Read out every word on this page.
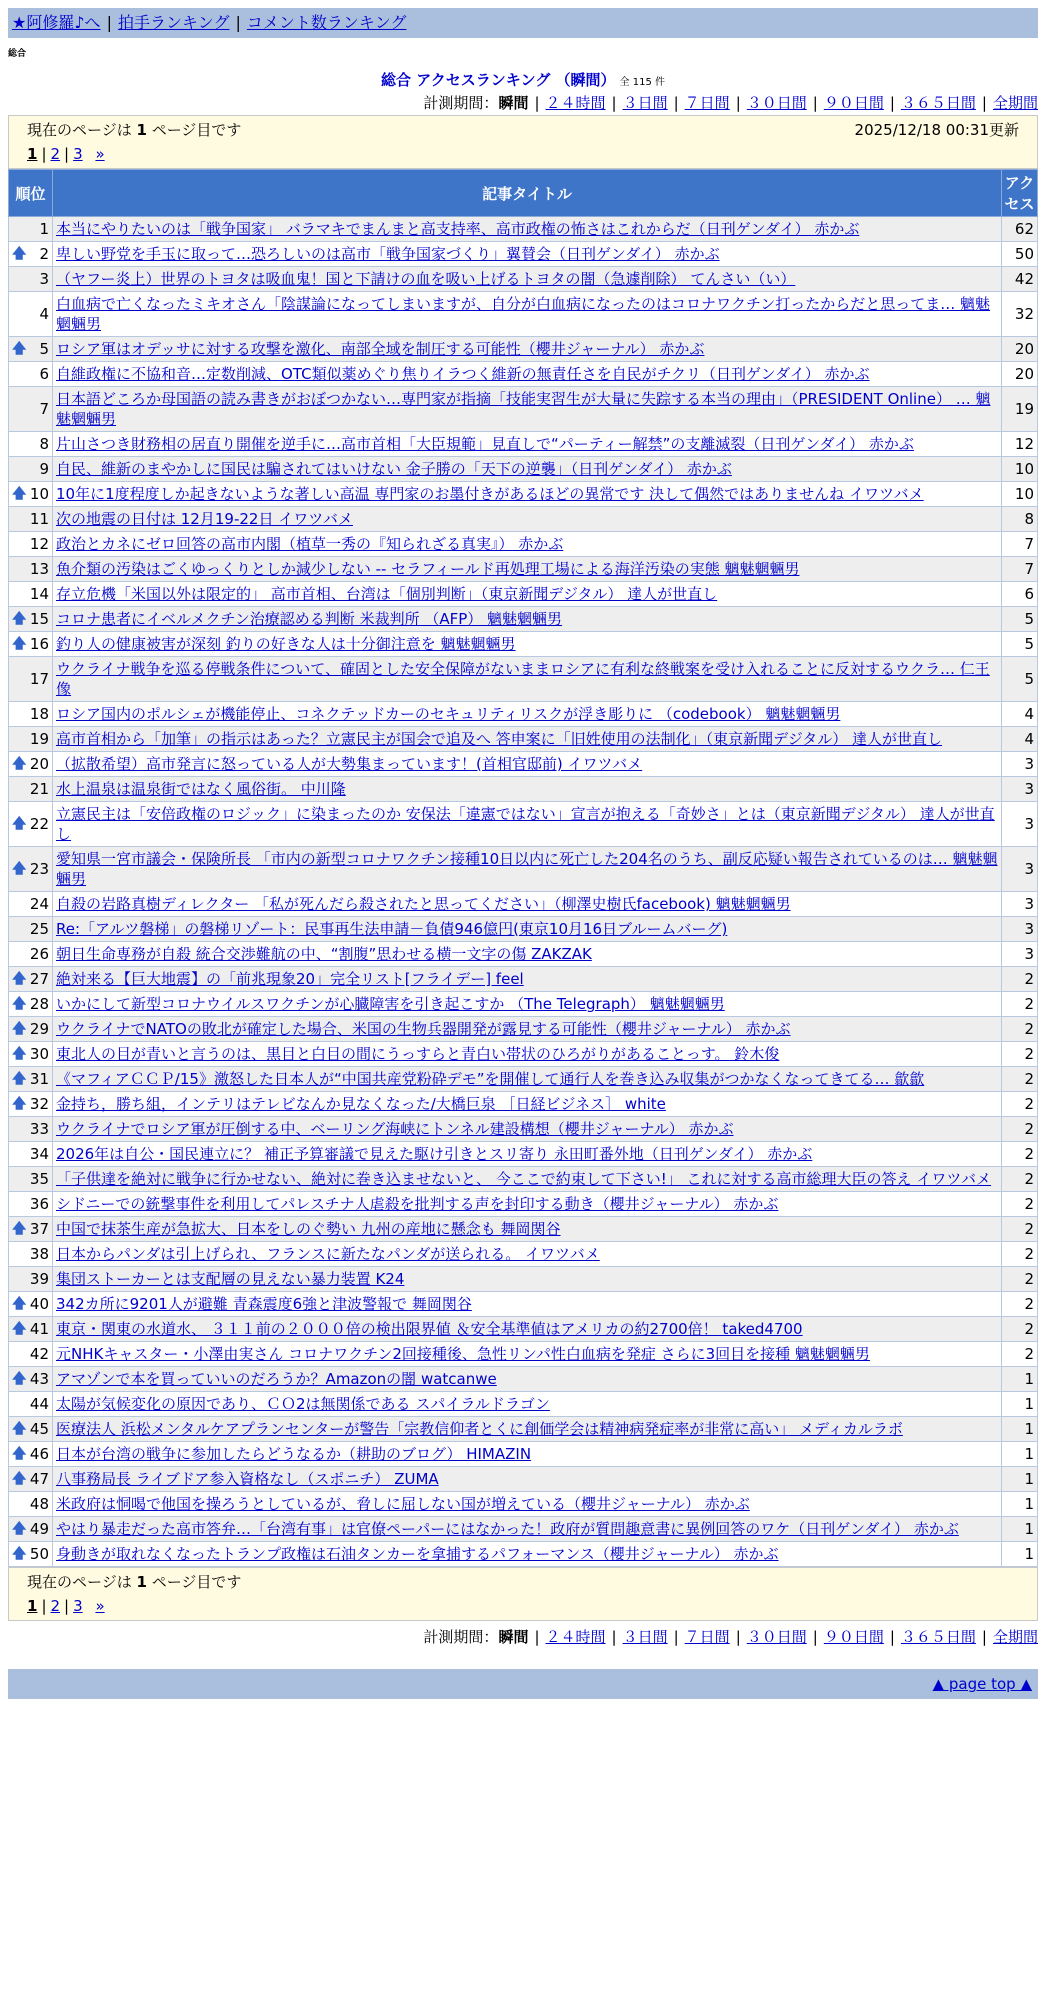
★阿修羅♪へ | 拍手ランキング | コメント数ランキング
総合
総合 アクセスランキング （瞬間） 全 115 件
計測期間：瞬間 | ２４時間 | ３日間 | ７日間 | ３０日間 | ９０日間 | ３６５日間 | 全期間
現在のページは 1 ページ目です	2025/12/18 00:31更新
1 | 2 | 3 »
順位	記事タイトル	アクセス
1	本当にやりたいのは「戦争国家」 バラマキでまんまと高支持率、高市政権の怖さはこれからだ（日刊ゲンダイ） 赤かぶ	62

🡅 2	卑しい野党を手玉に取って…恐ろしいのは高市「戦争国家づくり」翼賛会（日刊ゲンダイ） 赤かぶ	50
3	（ヤフー炎上）世界のトヨタは吸血鬼！国と下請けの血を吸い上げるトヨタの闇（急遽削除） てんさい（い）	42
4	白血病で亡くなったミキオさん「陰謀論になってしまいますが、自分が白血病になったのはコロナワクチン打ったからだと思ってま… 魑魅魍魎男	32

🡅 5	ロシア軍はオデッサに対する攻撃を激化、南部全域を制圧する可能性（櫻井ジャーナル） 赤かぶ	20
6	自維政権に不協和音…定数削減、OTC類似薬めぐり焦りイラつく維新の無責任さを自民がチクリ（日刊ゲンダイ） 赤かぶ	20
7	日本語どころか母国語の読み書きがおぼつかない…専門家が指摘「技能実習生が大量に失踪する本当の理由」（PRESIDENT Online） … 魑魅魍魎男	19
8	片山さつき財務相の居直り開催を逆手に…高市首相「大臣規範」見直しで“パーティー解禁”の支離滅裂（日刊ゲンダイ） 赤かぶ	12
9	自民、維新のまやかしに国民は騙されてはいけない 金子勝の「天下の逆襲」（日刊ゲンダイ） 赤かぶ	10

🡅 10	10年に1度程度しか起きないような著しい高温 専門家のお墨付きがあるほどの異常です 決して偶然ではありませんね イワツバメ	10
11	次の地震の日付は 12月19-22日 イワツバメ	8
12	政治とカネにゼロ回答の高市内閣（植草一秀の『知られざる真実』） 赤かぶ	7
13	魚介類の汚染はごくゆっくりとしか減少しない -- セラフィールド再処理工場による海洋汚染の実態 魑魅魍魎男	7
14	存立危機「米国以外は限定的」 高市首相、台湾は「個別判断」（東京新聞デジタル） 達人が世直し	6

🡅 15	コロナ患者にイベルメクチン治療認める判断 米裁判所 （AFP） 魑魅魍魎男	5

🡅 16	釣り人の健康被害が深刻 釣りの好きな人は十分御注意を 魑魅魍魎男	5
17	ウクライナ戦争を巡る停戦条件について、確固とした安全保障がないままロシアに有利な終戦案を受け入れることに反対するウクラ… 仁王像	5
18	ロシア国内のポルシェが機能停止、コネクテッドカーのセキュリティリスクが浮き彫りに （codebook） 魑魅魍魎男	4
19	高市首相から「加筆」の指示はあった？立憲民主が国会で追及へ 答申案に「旧姓使用の法制化」（東京新聞デジタル） 達人が世直し	4

🡅 20	（拡散希望）高市発言に怒っている人が大勢集まっています！(首相官邸前) イワツバメ	3
21	水上温泉は温泉街ではなく風俗街。 中川隆	3

🡅 22	立憲民主は「安倍政権のロジック」に染まったのか 安保法「違憲ではない」宣言が抱える「奇妙さ」とは（東京新聞デジタル） 達人が世直し	3

🡅 23	愛知県一宮市議会・保険所長 「市内の新型コロナワクチン接種10日以内に死亡した204名のうち、副反応疑い報告されているのは… 魑魅魍魎男	3
24	自殺の岩路真樹ディレクター 「私が死んだら殺されたと思ってください」（柳澤史樹氏facebook) 魑魅魍魎男	3
25	Re:「アルツ磐梯」の磐梯リゾート：民事再生法申請－負債946億円(東京10月16日ブルームバーグ)	3
26	朝日生命専務が自殺 統合交渉難航の中、“割腹”思わせる横一文字の傷 ZAKZAK	3

🡅 27	絶対来る【巨大地震】の「前兆現象20」完全リスト[フライデー] feel	2

🡅 28	いかにして新型コロナウイルスワクチンが心臓障害を引き起こすか （The Telegraph） 魑魅魍魎男	2

🡅 29	ウクライナでNATOの敗北が確定した場合、米国の生物兵器開発が露見する可能性（櫻井ジャーナル） 赤かぶ	2

🡅 30	東北人の目が青いと言うのは、黒目と白目の間にうっすらと青白い帯状のひろがりがあることっす。 鈴木俊	2

🡅 31	《マフィアＣＣＰ/15》激怒した日本人が“中国共産党粉砕デモ”を開催して通行人を巻き込み収集がつかなくなってきてる… 歙歙	2

🡅 32	金持ち，勝ち組，インテリはテレビなんか見なくなった/大橋巨泉 ［日経ビジネス］ white	2
33	ウクライナでロシア軍が圧倒する中、ベーリング海峡にトンネル建設構想（櫻井ジャーナル） 赤かぶ	2
34	2026年は自公・国民連立に？ 補正予算審議で見えた駆け引きとスリ寄り 永田町番外地（日刊ゲンダイ） 赤かぶ	2
35	「子供達を絶対に戦争に行かせない、絶対に巻き込ませないと、 今ここで約束して下さい!」 これに対する高市総理大臣の答え イワツバメ	2
36	シドニーでの銃撃事件を利用してパレスチナ人虐殺を批判する声を封印する動き（櫻井ジャーナル） 赤かぶ	2

🡅 37	中国で抹茶生産が急拡大、日本をしのぐ勢い 九州の産地に懸念も 舞岡関谷	2
38	日本からパンダは引上げられ、フランスに新たなパンダが送られる。 イワツバメ	2
39	集団ストーカーとは支配層の見えない暴力装置 K24	2

🡅 40	342カ所に9201人が避難 青森震度6強と津波警報で 舞岡関谷	2

🡅 41	東京・関東の水道水、 ３１１前の２０００倍の検出限界値 ＆安全基準値はアメリカの約2700倍！ taked4700	2
42	元NHKキャスター・小澤由実さん コロナワクチン2回接種後、急性リンパ性白血病を発症 さらに3回目を接種 魑魅魍魎男	2

🡅 43	アマゾンで本を買っていいのだろうか？Amazonの闇 watcanwe	1
44	太陽が気候変化の原因であり、ＣＯ2は無関係である スパイラルドラゴン	1

🡅 45	医療法人 浜松メンタルケアプランセンターが警告「宗教信仰者とくに創価学会は精神病発症率が非常に高い」 メディカルラボ	1

🡅 46	日本が台湾の戦争に参加したらどうなるか（耕助のブログ） HIMAZIN	1

🡅 47	八事務局長 ライブドア参入資格なし（スポニチ） ZUMA	1
48	米政府は恫喝で他国を操ろうとしているが、脅しに屈しない国が増えている（櫻井ジャーナル） 赤かぶ	1

🡅 49	やはり暴走だった高市答弁…「台湾有事」は官僚ペーパーにはなかった！政府が質問趣意書に異例回答のワケ（日刊ゲンダイ） 赤かぶ	1

🡅 50	身動きが取れなくなったトランプ政権は石油タンカーを拿捕するパフォーマンス（櫻井ジャーナル） 赤かぶ	1
現在のページは 1 ページ目です
1 | 2 | 3 »
計測期間：瞬間 | ２４時間 | ３日間 | ７日間 | ３０日間 | ９０日間 | ３６５日間 | 全期間
▲ page top ▲
